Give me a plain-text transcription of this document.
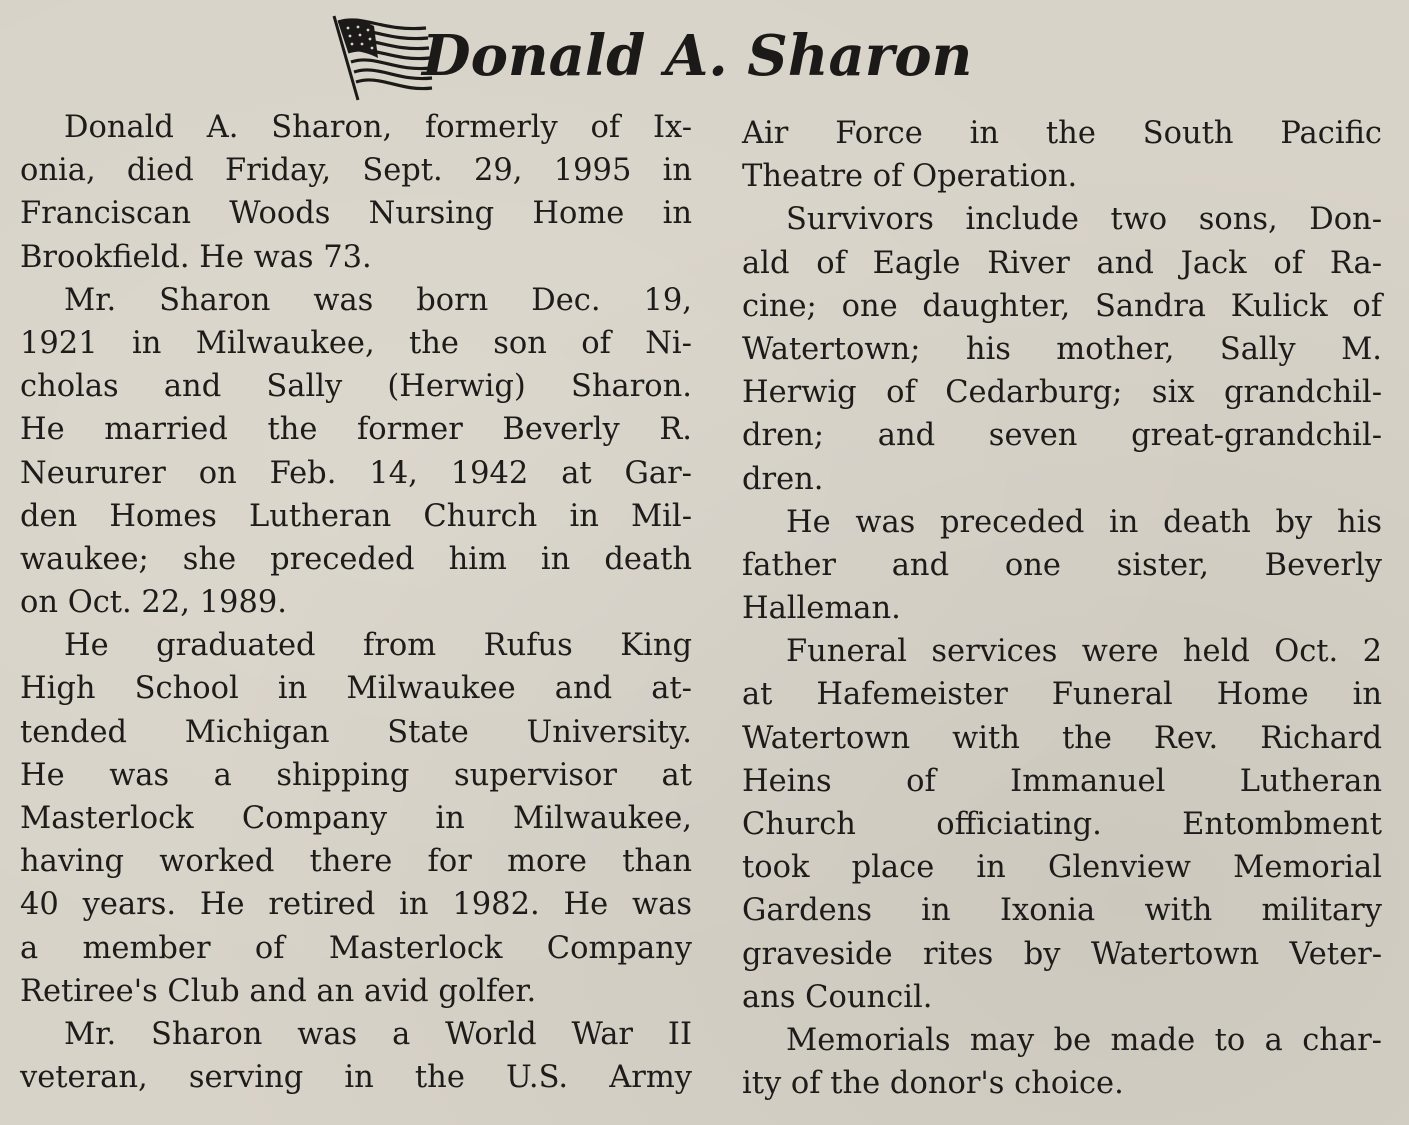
Donald A. Sharon
Donald A. Sharon, formerly of Ix-
onia, died Friday, Sept. 29, 1995 in
Franciscan Woods Nursing Home in
Brookfield. He was 73.
Mr. Sharon was born Dec. 19,
1921 in Milwaukee, the son of Ni-
cholas and Sally (Herwig) Sharon.
He married the former Beverly R.
Neururer on Feb. 14, 1942 at Gar-
den Homes Lutheran Church in Mil-
waukee; she preceded him in death
on Oct. 22, 1989.
He graduated from Rufus King
High School in Milwaukee and at-
tended Michigan State University.
He was a shipping supervisor at
Masterlock Company in Milwaukee,
having worked there for more than
40 years. He retired in 1982. He was
a member of Masterlock Company
Retiree's Club and an avid golfer.
Mr. Sharon was a World War II
veteran, serving in the U.S. Army
Air Force in the South Pacific
Theatre of Operation.
Survivors include two sons, Don-
ald of Eagle River and Jack of Ra-
cine; one daughter, Sandra Kulick of
Watertown; his mother, Sally M.
Herwig of Cedarburg; six grandchil-
dren; and seven great-grandchil-
dren.
He was preceded in death by his
father and one sister, Beverly
Halleman.
Funeral services were held Oct. 2
at Hafemeister Funeral Home in
Watertown with the Rev. Richard
Heins of Immanuel Lutheran
Church officiating. Entombment
took place in Glenview Memorial
Gardens in Ixonia with military
graveside rites by Watertown Veter-
ans Council.
Memorials may be made to a char-
ity of the donor's choice.
